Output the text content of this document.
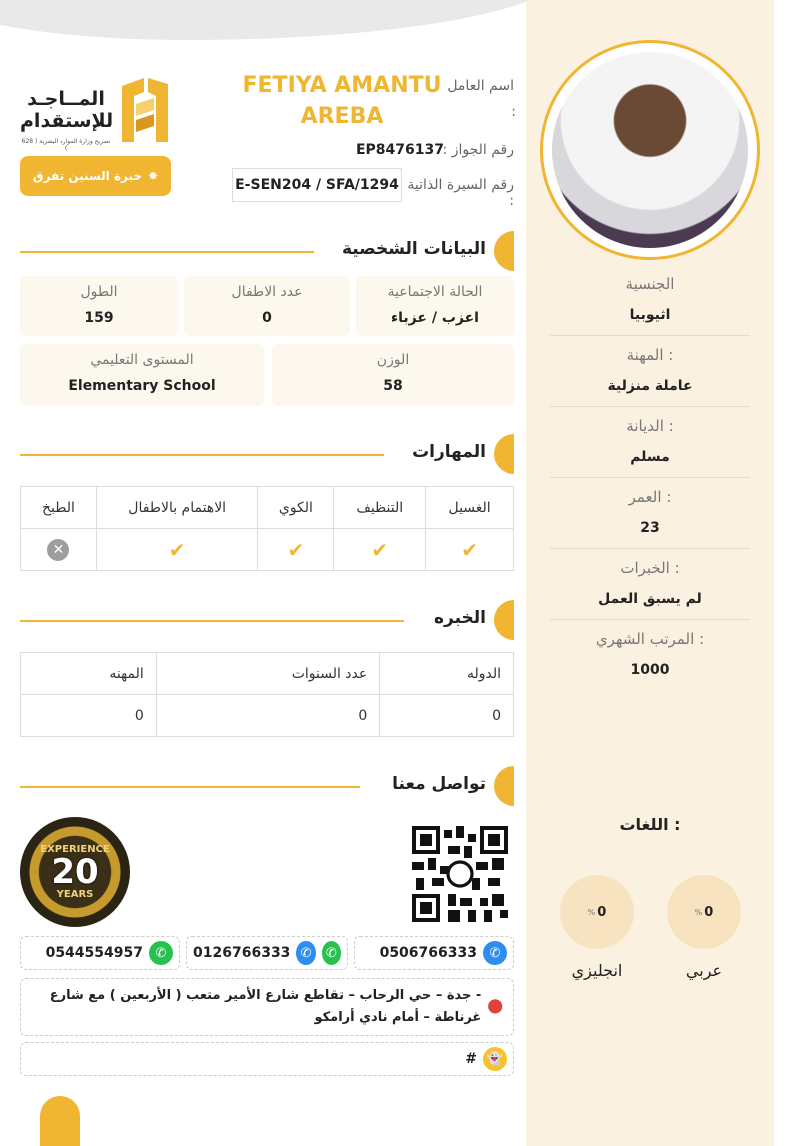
الجنسية
اثيوبيا
المهنة :
عاملة منزلية
الديانة :
مسلم
العمر :
23
الخبرات :
لم يسبق العمل
المرتب الشهري :
1000
اللغات :
% 0
عربي
% 0
انجليزي
المــاجـد
للإستقدام
تصريح وزارة الموارد البشرية ( 628 )
خبرة السنين تفرق ✸
اسم العامل
:
FETIYA AMANTU AREBA
رقم الجواز :
EP8476137
رقم السيرة الذاتية :
E-SEN204 / SFA/1294
البيانات الشخصية
الحالة الاجتماعية
اعزب / عزباء
عدد الاطفال
0
الطول
159
الوزن
58
المستوى التعليمي
Elementary School
المهارات
الغسيل	التنظيف	الكوي	الاهتمام بالاطفال	الطبخ
✔	✔	✔	✔	✕
الخبره
الدوله	عدد السنوات	المهنه
0	0	0
تواصل معنا
EXPERIENCE
20
YEARS
0506766333 ✆
0126766333 ✆	✆
0544554957 ✆
⬤
- جدة – حي الرحاب – تقاطع شارع الأمير متعب ( الأربعين ) مع شارع غرناطة – أمام نادي أرامكو
# 👻
